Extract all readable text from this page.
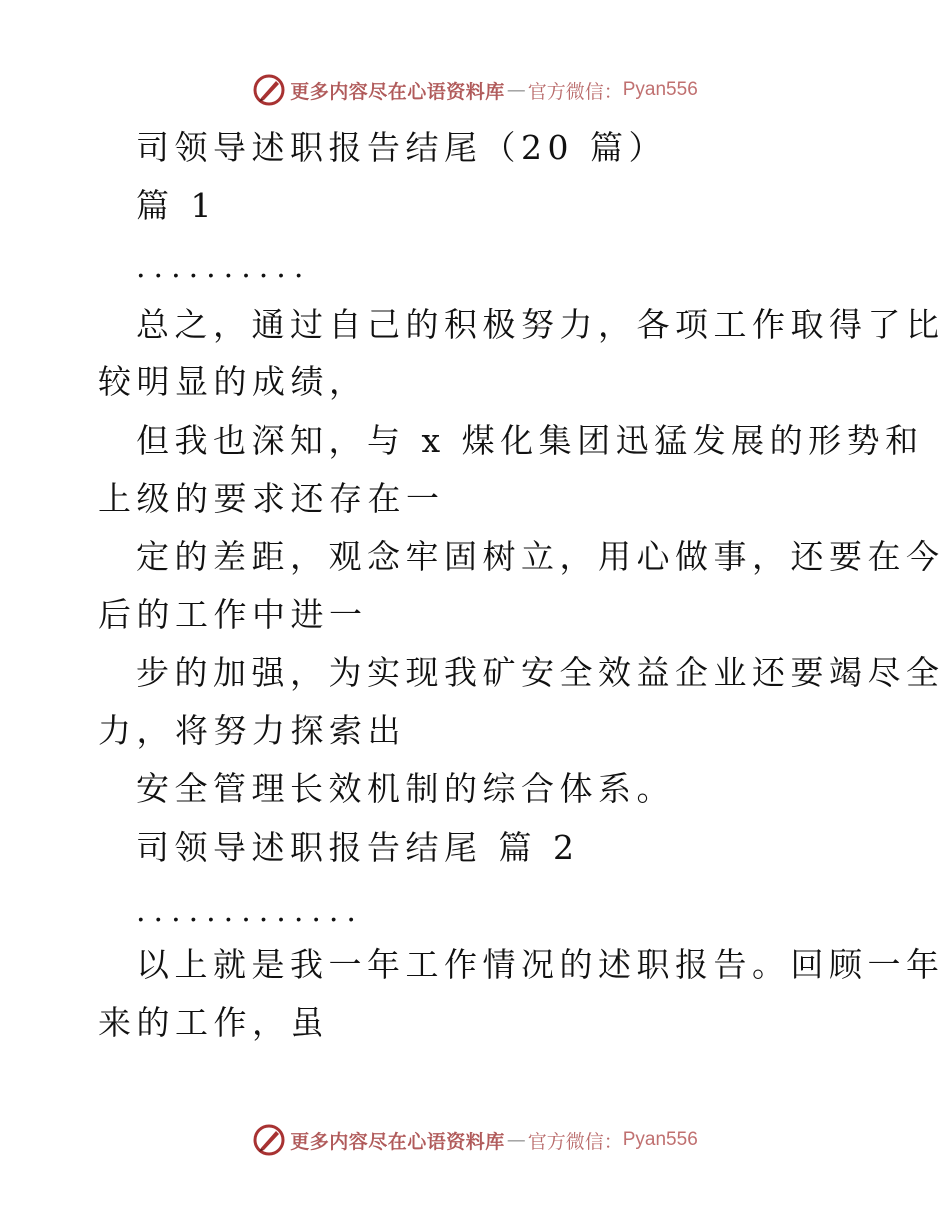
更多内容尽在心语资料库 — 官方微信： Pyan556

司领导述职报告结尾（20 篇）

篇 1

..........

总之，通过自己的积极努力，各项工作取得了比

较明显的成绩，

但我也深知，与 x 煤化集团迅猛发展的形势和

上级的要求还存在一

定的差距，观念牢固树立，用心做事，还要在今

后的工作中进一

步的加强，为实现我矿安全效益企业还要竭尽全

力，将努力探索出

安全管理长效机制的综合体系。

司领导述职报告结尾 篇 2

.............

以上就是我一年工作情况的述职报告。回顾一年

来的工作，虽

更多内容尽在心语资料库 — 官方微信： Pyan556
